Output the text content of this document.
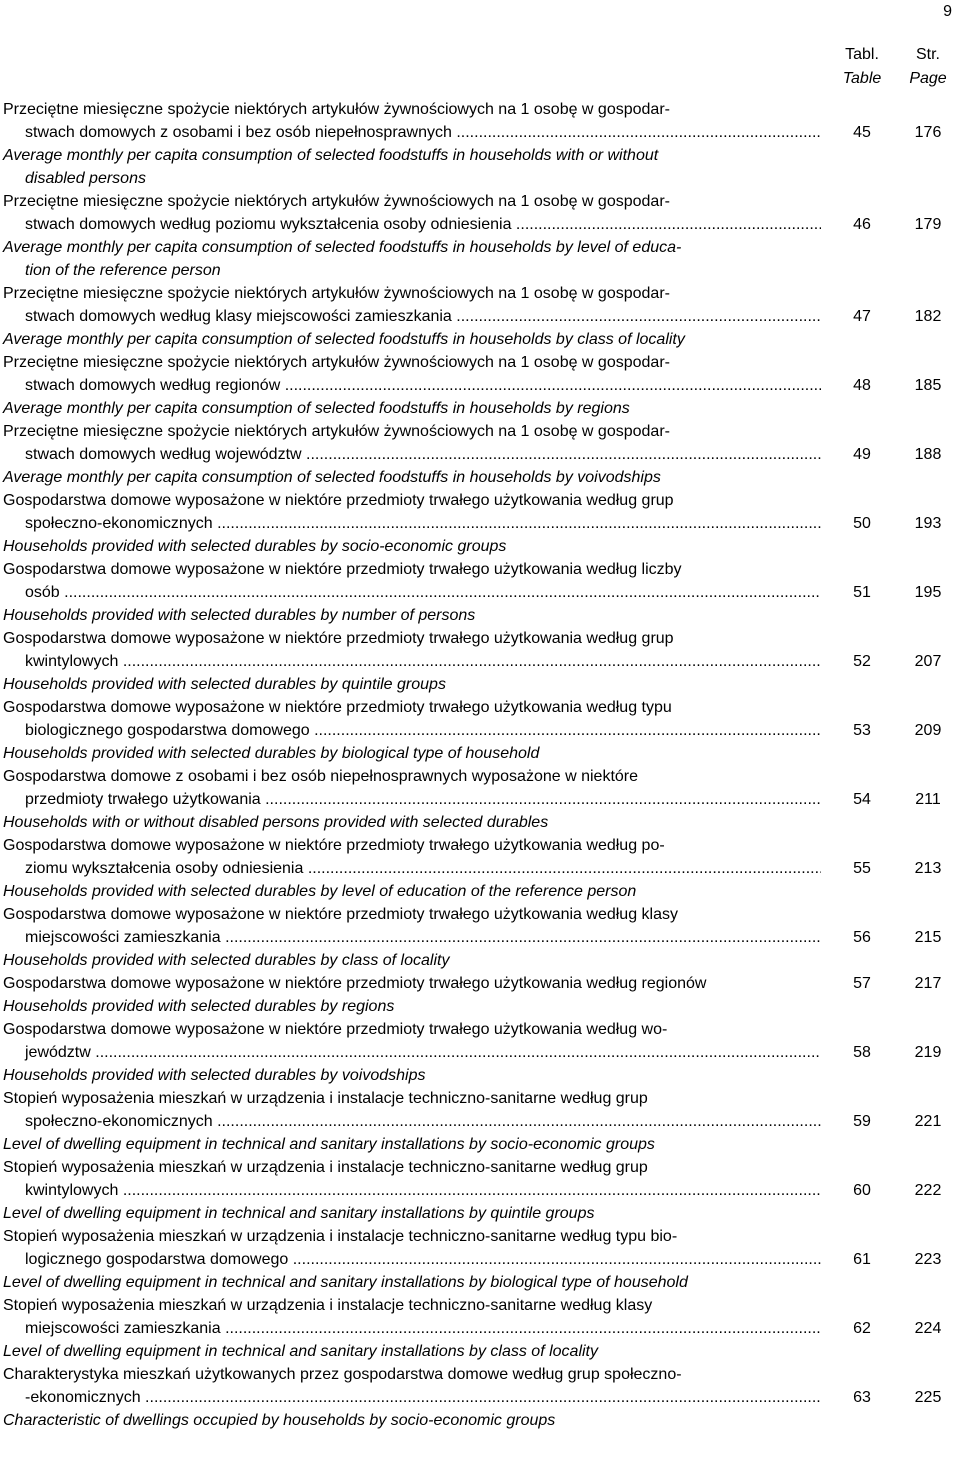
9
Tabl.
Table
Str.
Page
Przeciętne miesięczne spożycie niektórych artykułów żywnościowych na 1 osobę w gospodar-
stwach domowych z osobami i bez osób niepełnosprawnych .....	45	176
Average monthly per capita consumption of selected foodstuffs in households with or without
disabled persons
Przeciętne miesięczne spożycie niektórych artykułów żywnościowych na 1 osobę w gospodar-
stwach domowych według poziomu wykształcenia osoby odniesienia .....	46	179
Average monthly per capita consumption of selected foodstuffs in households by level of educa-
tion of the reference person
Przeciętne miesięczne spożycie niektórych artykułów żywnościowych na 1 osobę w gospodar-
stwach domowych według klasy miejscowości zamieszkania .....	47	182
Average monthly per capita consumption of selected foodstuffs in households by class of locality
Przeciętne miesięczne spożycie niektórych artykułów żywnościowych na 1 osobę w gospodar-
stwach domowych według regionów .....	48	185
Average monthly per capita consumption of selected foodstuffs in households by regions
Przeciętne miesięczne spożycie niektórych artykułów żywnościowych na 1 osobę w gospodar-
stwach domowych według województw .....	49	188
Average monthly per capita consumption of selected foodstuffs in households by voivodships
Gospodarstwa domowe wyposażone w niektóre przedmioty trwałego użytkowania według grup
społeczno-ekonomicznych .....	50	193
Households provided with selected durables by socio-economic groups
Gospodarstwa domowe wyposażone w niektóre przedmioty trwałego użytkowania według liczby
osób .....	51	195
Households provided with selected durables by number of persons
Gospodarstwa domowe wyposażone w niektóre przedmioty trwałego użytkowania według grup
kwintylowych .....	52	207
Households provided with selected durables by quintile groups
Gospodarstwa domowe wyposażone w niektóre przedmioty trwałego użytkowania według typu
biologicznego gospodarstwa domowego .....	53	209
Households provided with selected durables by biological type of household
Gospodarstwa domowe z osobami i bez osób niepełnosprawnych wyposażone w niektóre
przedmioty trwałego użytkowania .....	54	211
Households with or without disabled persons provided with selected durables
Gospodarstwa domowe wyposażone w niektóre przedmioty trwałego użytkowania według po-
ziomu wykształcenia osoby odniesienia .....	55	213
Households provided with selected durables by level of education of the reference person
Gospodarstwa domowe wyposażone w niektóre przedmioty trwałego użytkowania według klasy
miejscowości zamieszkania .....	56	215
Households provided with selected durables by class of locality
Gospodarstwa domowe wyposażone w niektóre przedmioty trwałego użytkowania według regionów	57	217
Households provided with selected durables by regions
Gospodarstwa domowe wyposażone w niektóre przedmioty trwałego użytkowania według wo-
jewództw .....	58	219
Households provided with selected durables by voivodships
Stopień wyposażenia mieszkań w urządzenia i instalacje techniczno-sanitarne według grup
społeczno-ekonomicznych .....	59	221
Level of dwelling equipment in technical and sanitary installations by socio-economic groups
Stopień wyposażenia mieszkań w urządzenia i instalacje techniczno-sanitarne według grup
kwintylowych .....	60	222
Level of dwelling equipment in technical and sanitary installations by quintile groups
Stopień wyposażenia mieszkań w urządzenia i instalacje techniczno-sanitarne według typu bio-
logicznego gospodarstwa domowego .....	61	223
Level of dwelling equipment in technical and sanitary installations by biological type of household
Stopień wyposażenia mieszkań w urządzenia i instalacje techniczno-sanitarne według klasy
miejscowości zamieszkania .....	62	224
Level of dwelling equipment in technical and sanitary installations by class of locality
Charakterystyka mieszkań użytkowanych przez gospodarstwa domowe według grup społeczno-
-ekonomicznych .....	63	225
Characteristic of dwellings occupied by households by socio-economic groups
